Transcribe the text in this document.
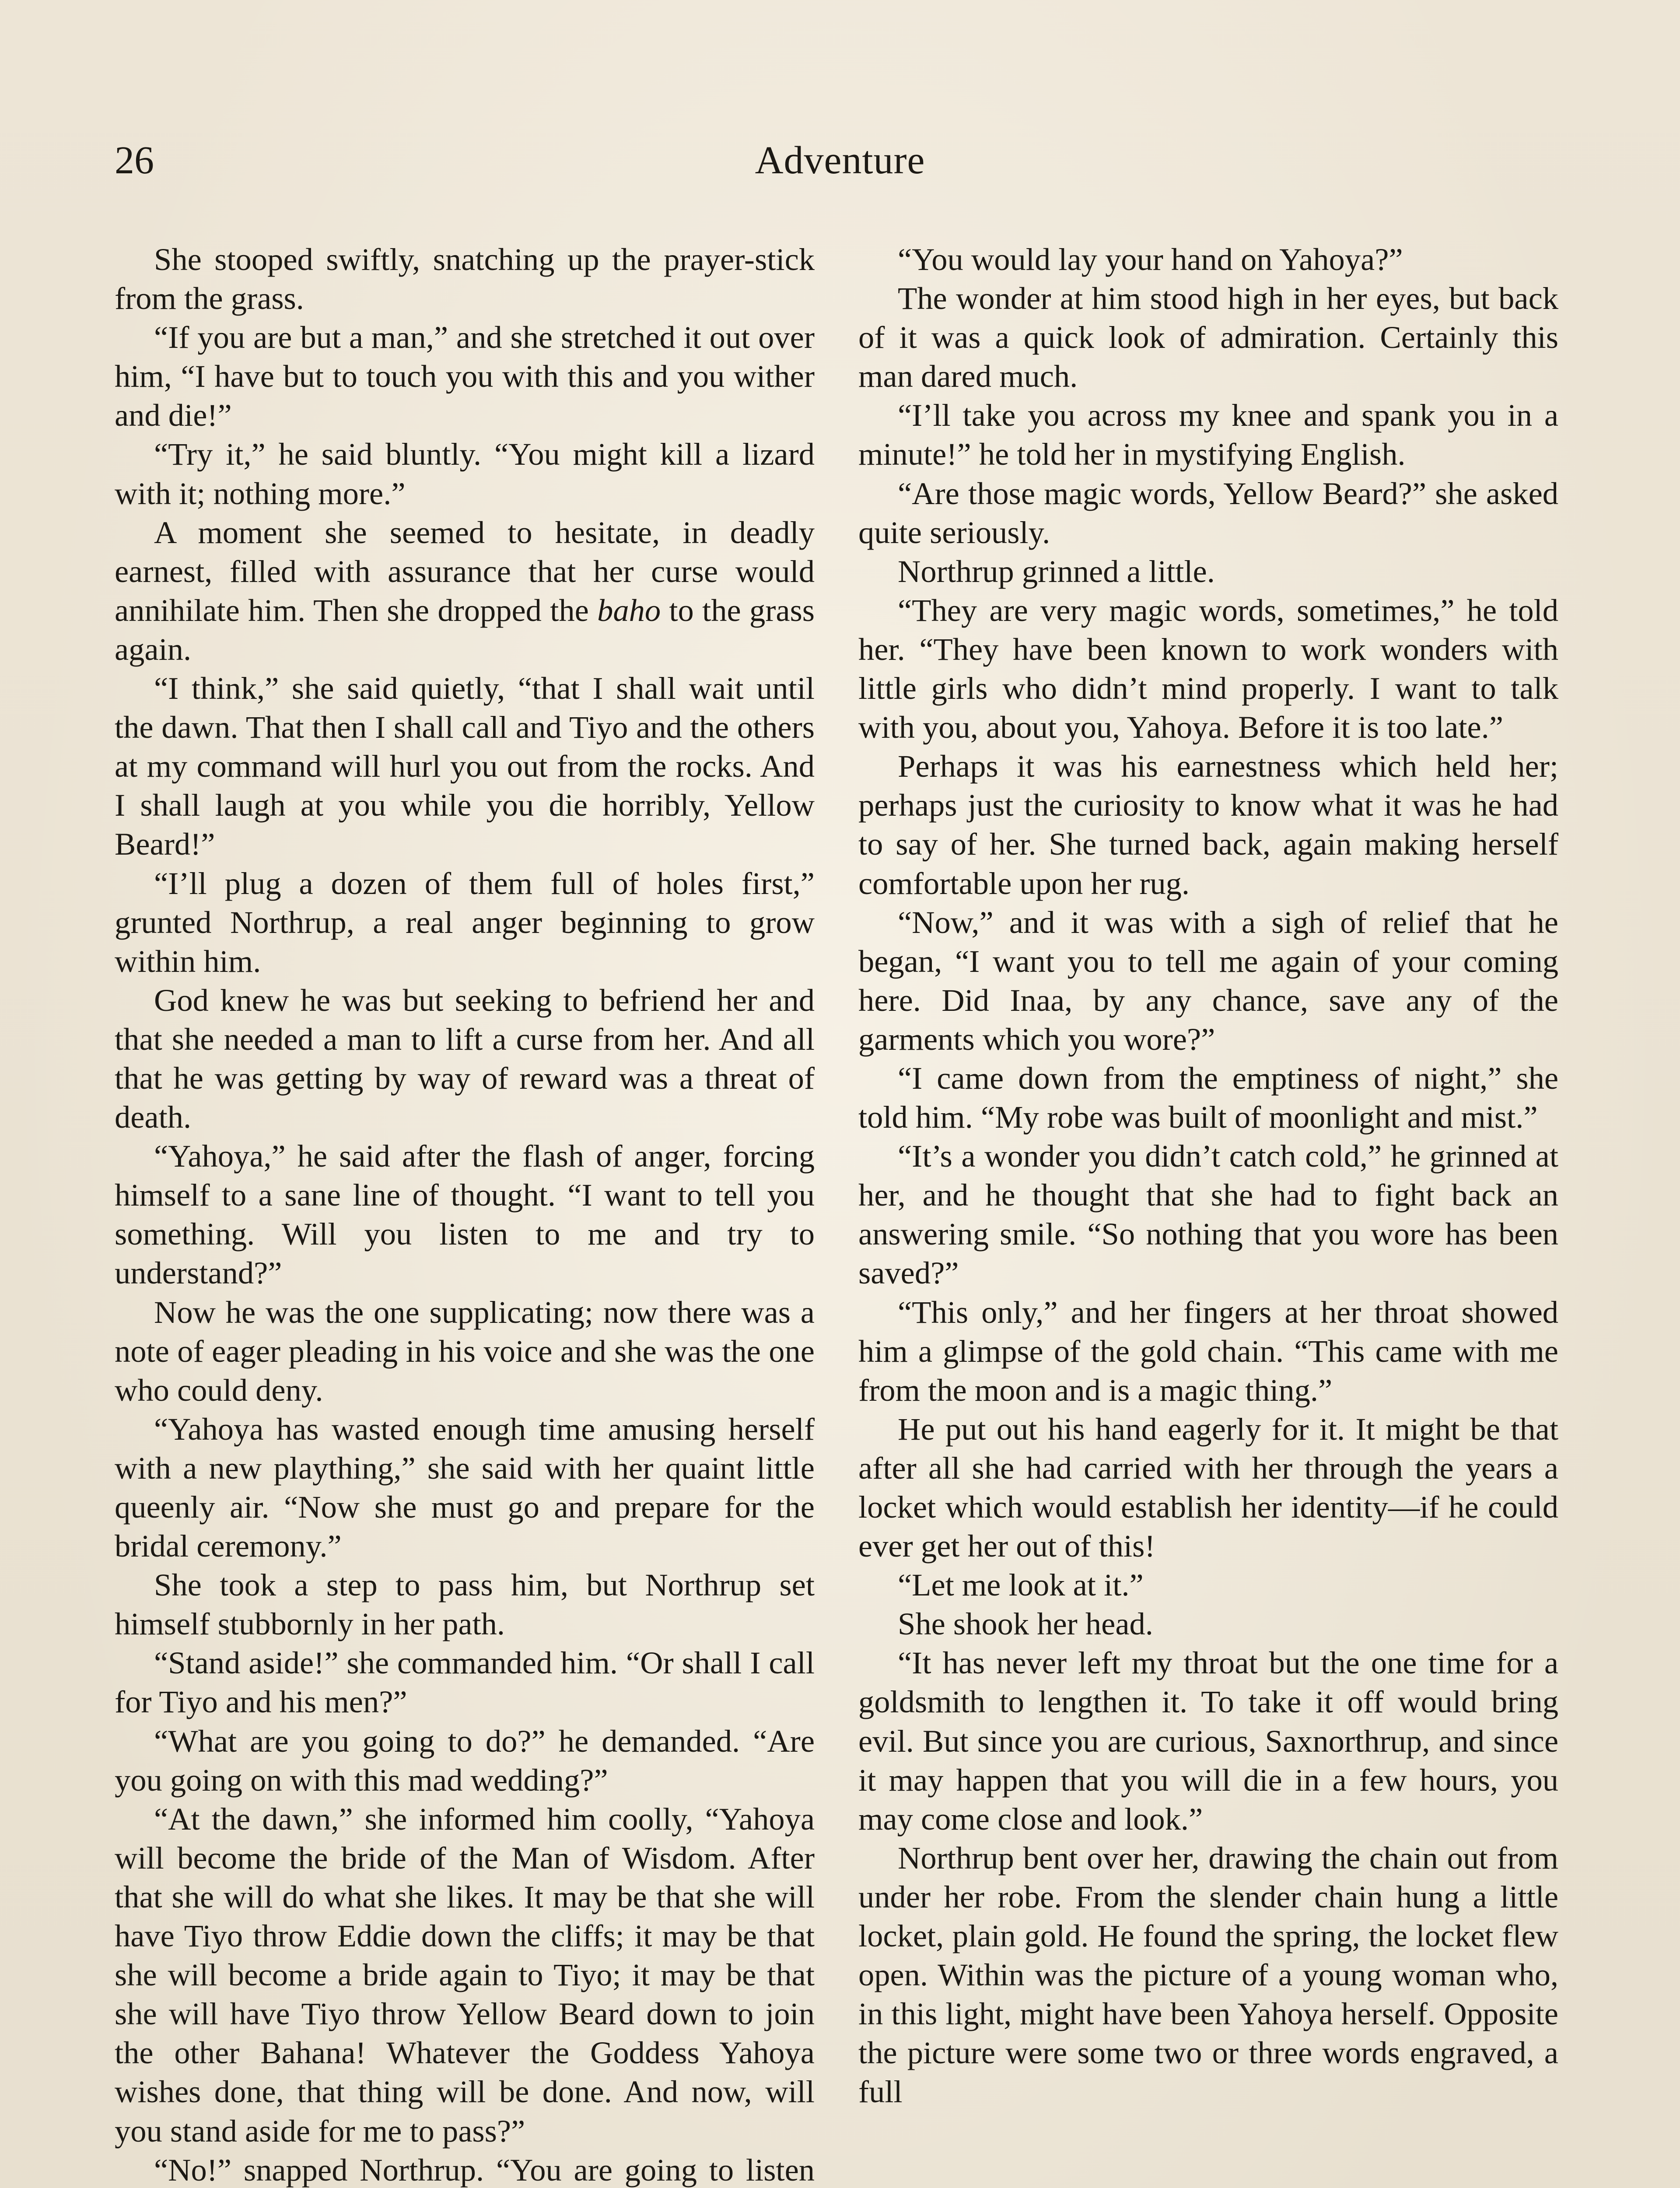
26	Adventure

She stooped swiftly, snatching up the prayer-stick from the grass.

“If you are but a man,” and she stretched it out over him, “I have but to touch you with this and you wither and die!”

“Try it,” he said bluntly. “You might kill a lizard with it; nothing more.”

A moment she seemed to hesitate, in deadly earnest, filled with assurance that her curse would annihilate him. Then she dropped the baho to the grass again.

“I think,” she said quietly, “that I shall wait until the dawn. That then I shall call and Tiyo and the others at my command will hurl you out from the rocks. And I shall laugh at you while you die horribly, Yellow Beard!”

“I’ll plug a dozen of them full of holes first,” grunted Northrup, a real anger beginning to grow within him.

God knew he was but seeking to befriend her and that she needed a man to lift a curse from her. And all that he was getting by way of reward was a threat of death.

“Yahoya,” he said after the flash of anger, forcing himself to a sane line of thought. “I want to tell you something. Will you listen to me and try to understand?”

Now he was the one supplicating; now there was a note of eager pleading in his voice and she was the one who could deny.

“Yahoya has wasted enough time amusing herself with a new plaything,” she said with her quaint little queenly air. “Now she must go and prepare for the bridal ceremony.”

She took a step to pass him, but Northrup set himself stubbornly in her path.

“Stand aside!” she commanded him. “Or shall I call for Tiyo and his men?”

“What are you going to do?” he demanded. “Are you going on with this mad wedding?”

“At the dawn,” she informed him coolly, “Yahoya will become the bride of the Man of Wisdom. After that she will do what she likes. It may be that she will have Tiyo throw Eddie down the cliffs; it may be that she will become a bride again to Tiyo; it may be that she will have Tiyo throw Yellow Beard down to join the other Bahana! Whatever the Goddess Yahoya wishes done, that thing will be done. And now, will you stand aside for me to pass?”

“No!” snapped Northrup. “You are going to listen

“You would lay your hand on Yahoya?”

The wonder at him stood high in her eyes, but back of it was a quick look of admiration. Certainly this man dared much.

“I’ll take you across my knee and spank you in a minute!” he told her in mystifying English.

“Are those magic words, Yellow Beard?” she asked quite seriously.

Northrup grinned a little.

“They are very magic words, sometimes,” he told her. “They have been known to work wonders with little girls who didn’t mind properly. I want to talk with you, about you, Yahoya. Before it is too late.”

Perhaps it was his earnestness which held her; perhaps just the curiosity to know what it was he had to say of her. She turned back, again making herself comfortable upon her rug.

“Now,” and it was with a sigh of relief that he began, “I want you to tell me again of your coming here. Did Inaa, by any chance, save any of the garments which you wore?”

“I came down from the emptiness of night,” she told him. “My robe was built of moonlight and mist.”

“It’s a wonder you didn’t catch cold,” he grinned at her, and he thought that she had to fight back an answering smile. “So nothing that you wore has been saved?”

“This only,” and her fingers at her throat showed him a glimpse of the gold chain. “This came with me from the moon and is a magic thing.”

He put out his hand eagerly for it. It might be that after all she had carried with her through the years a locket which would establish her identity—if he could ever get her out of this!

“Let me look at it.”

She shook her head.

“It has never left my throat but the one time for a goldsmith to lengthen it. To take it off would bring evil. But since you are curious, Saxnorthrup, and since it may happen that you will die in a few hours, you may come close and look.”

Northrup bent over her, drawing the chain out from under her robe. From the slender chain hung a little locket, plain gold. He found the spring, the locket flew open. Within was the picture of a young woman who, in this light, might have been Yahoya herself. Opposite the picture were some two or three words engraved, a full
